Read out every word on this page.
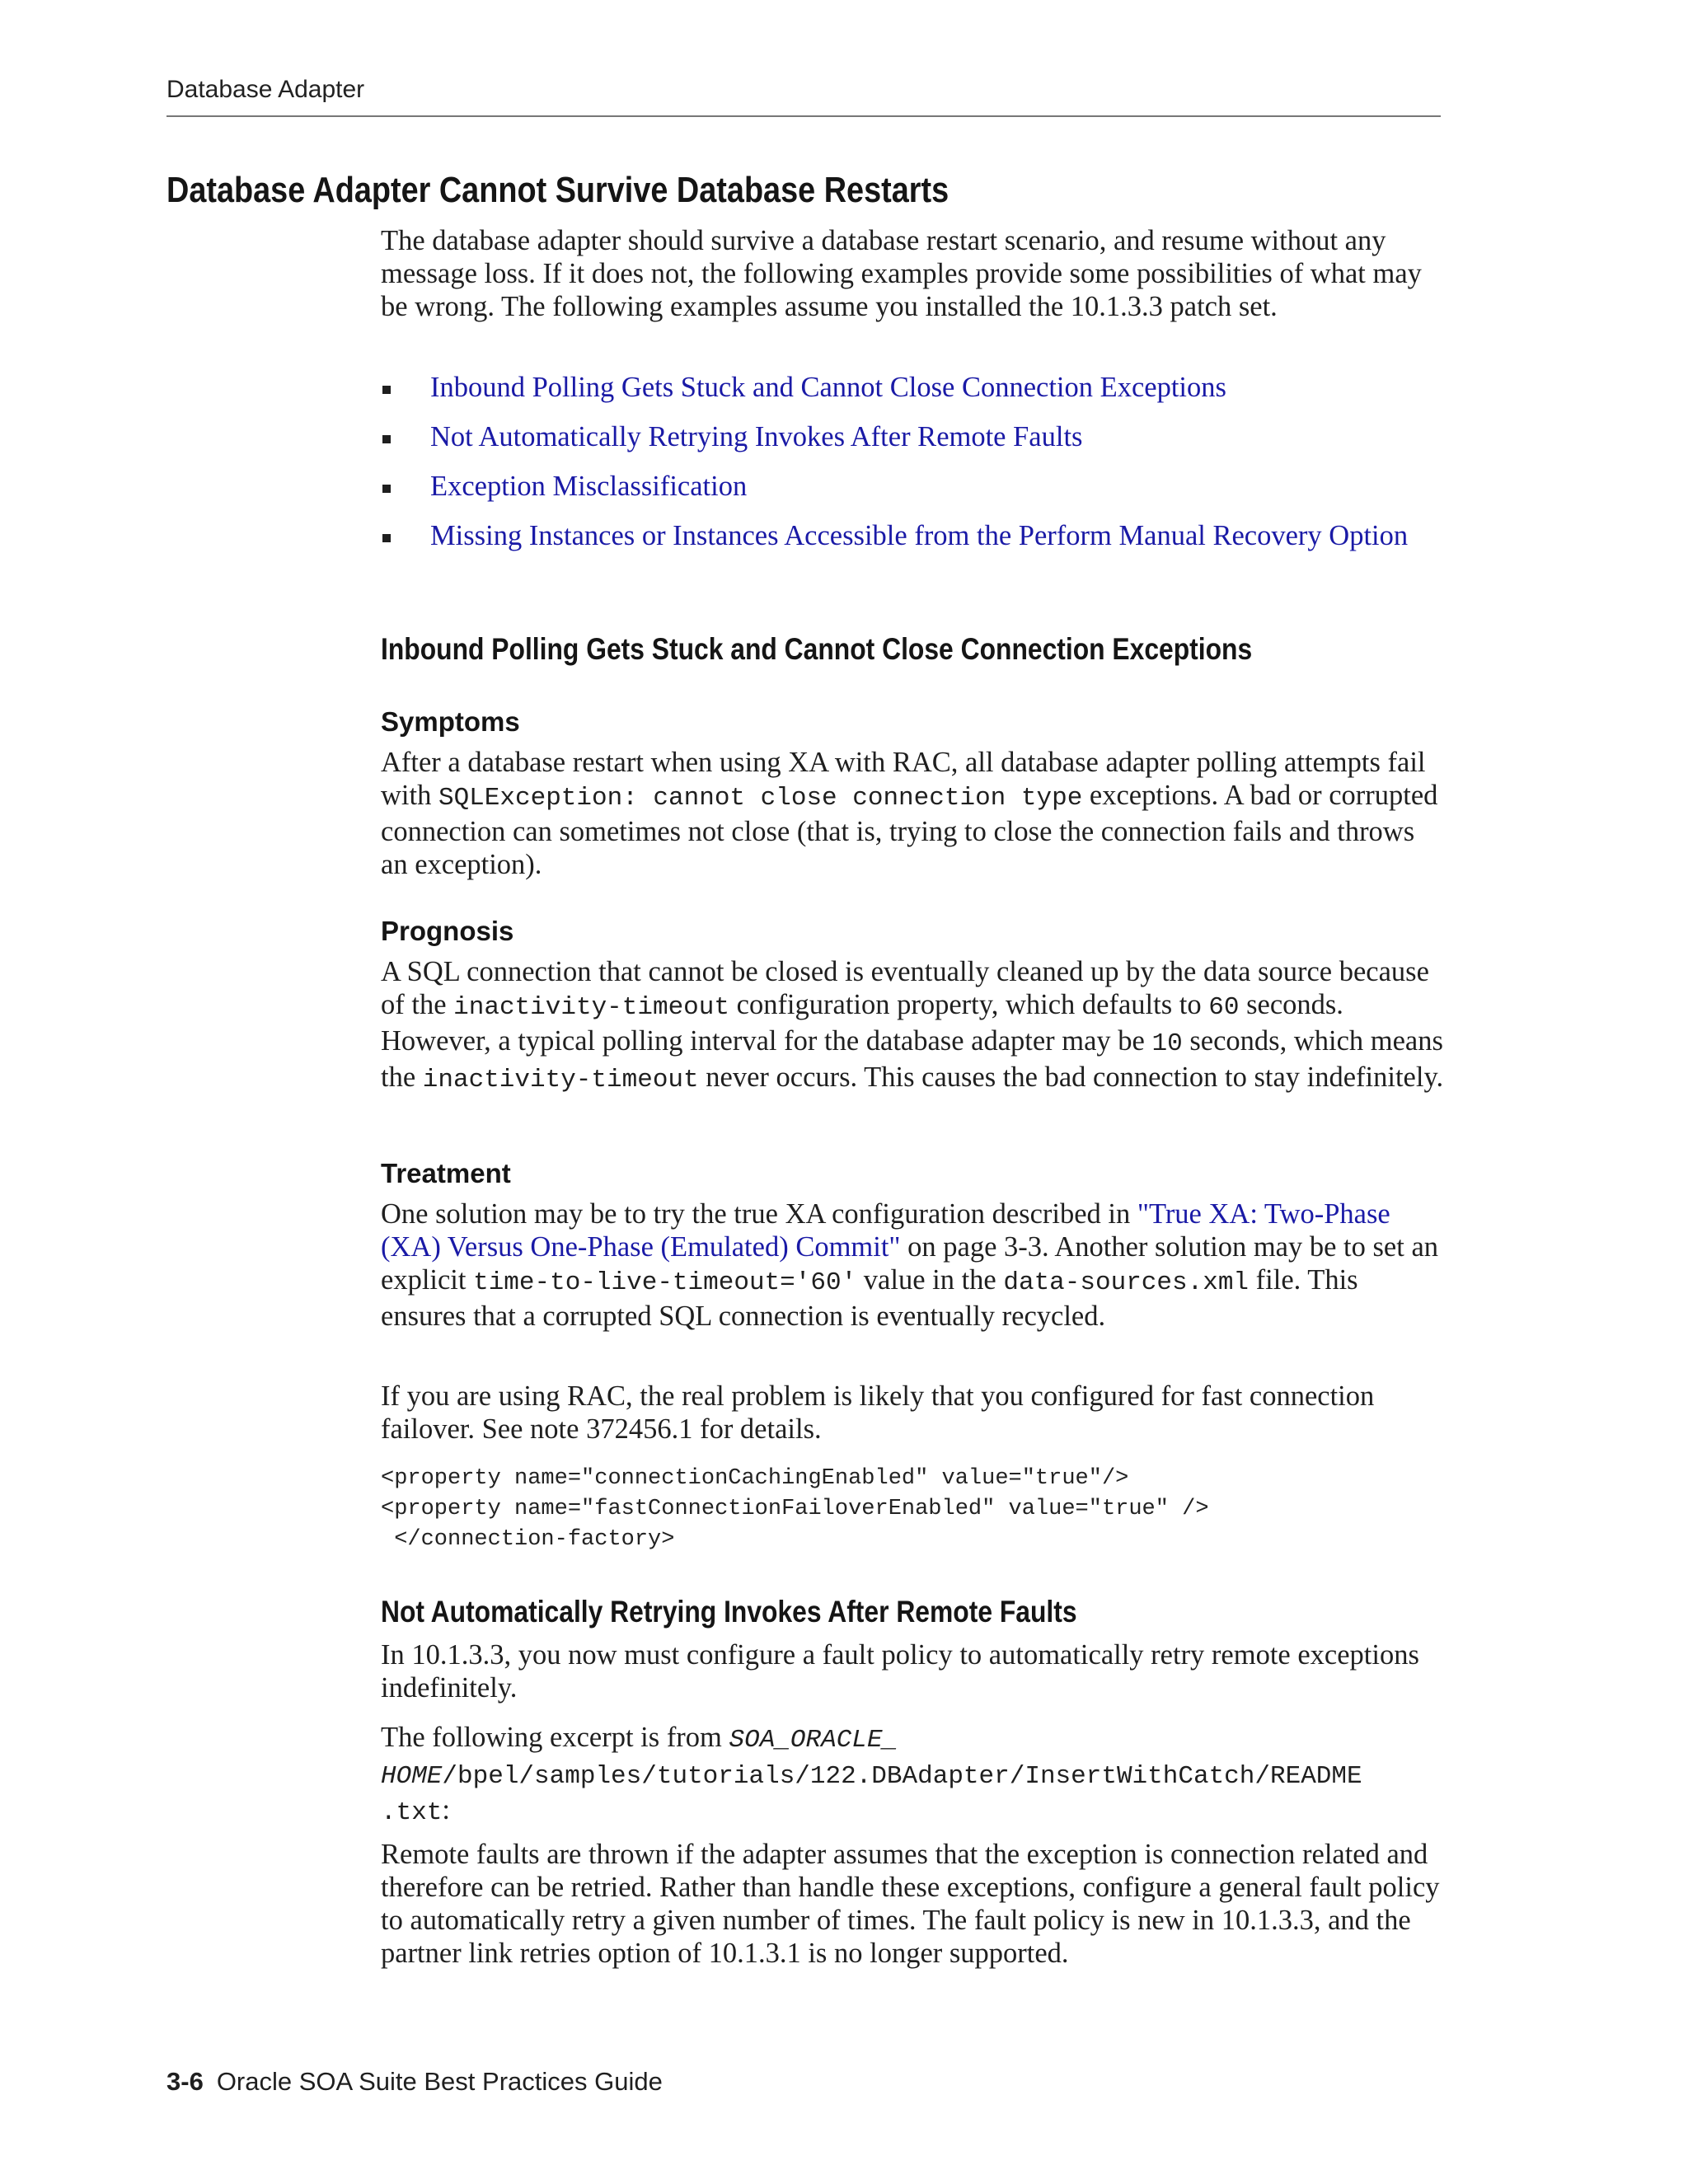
Database Adapter
Database Adapter Cannot Survive Database Restarts

The database adapter should survive a database restart scenario, and resume without any message loss. If it does not, the following examples provide some possibilities of what may be wrong. The following examples assume you installed the 10.1.3.3 patch set.

Inbound Polling Gets Stuck and Cannot Close Connection Exceptions
Not Automatically Retrying Invokes After Remote Faults
Exception Misclassification
Missing Instances or Instances Accessible from the Perform Manual Recovery Option
Inbound Polling Gets Stuck and Cannot Close Connection Exceptions
Symptoms

After a database restart when using XA with RAC, all database adapter polling attempts fail with SQLException: cannot close connection type exceptions. A bad or corrupted connection can sometimes not close (that is, trying to close the connection fails and throws an exception).

Prognosis

A SQL connection that cannot be closed is eventually cleaned up by the data source because of the inactivity-timeout configuration property, which defaults to 60 seconds. However, a typical polling interval for the database adapter may be 10 seconds, which means the inactivity-timeout never occurs. This causes the bad connection to stay indefinitely.

Treatment

One solution may be to try the true XA configuration described in "True XA: Two-Phase (XA) Versus One-Phase (Emulated) Commit" on page 3-3. Another solution may be to set an explicit time-to-live-timeout='60' value in the data-sources.xml file. This ensures that a corrupted SQL connection is eventually recycled.

If you are using RAC, the real problem is likely that you configured for fast connection failover. See note 372456.1 for details.

<property name="connectionCachingEnabled" value="true"/>
<property name="fastConnectionFailoverEnabled" value="true" />
</connection-factory>
Not Automatically Retrying Invokes After Remote Faults

In 10.1.3.3, you now must configure a fault policy to automatically retry remote exceptions indefinitely.

The following excerpt is from SOA_ORACLE_
HOME/bpel/samples/tutorials/122.DBAdapter/InsertWithCatch/README
.txt:

Remote faults are thrown if the adapter assumes that the exception is connection related and therefore can be retried. Rather than handle these exceptions, configure a general fault policy to automatically retry a given number of times. The fault policy is new in 10.1.3.3, and the partner link retries option of 10.1.3.1 is no longer supported.

3-6 Oracle SOA Suite Best Practices Guide
